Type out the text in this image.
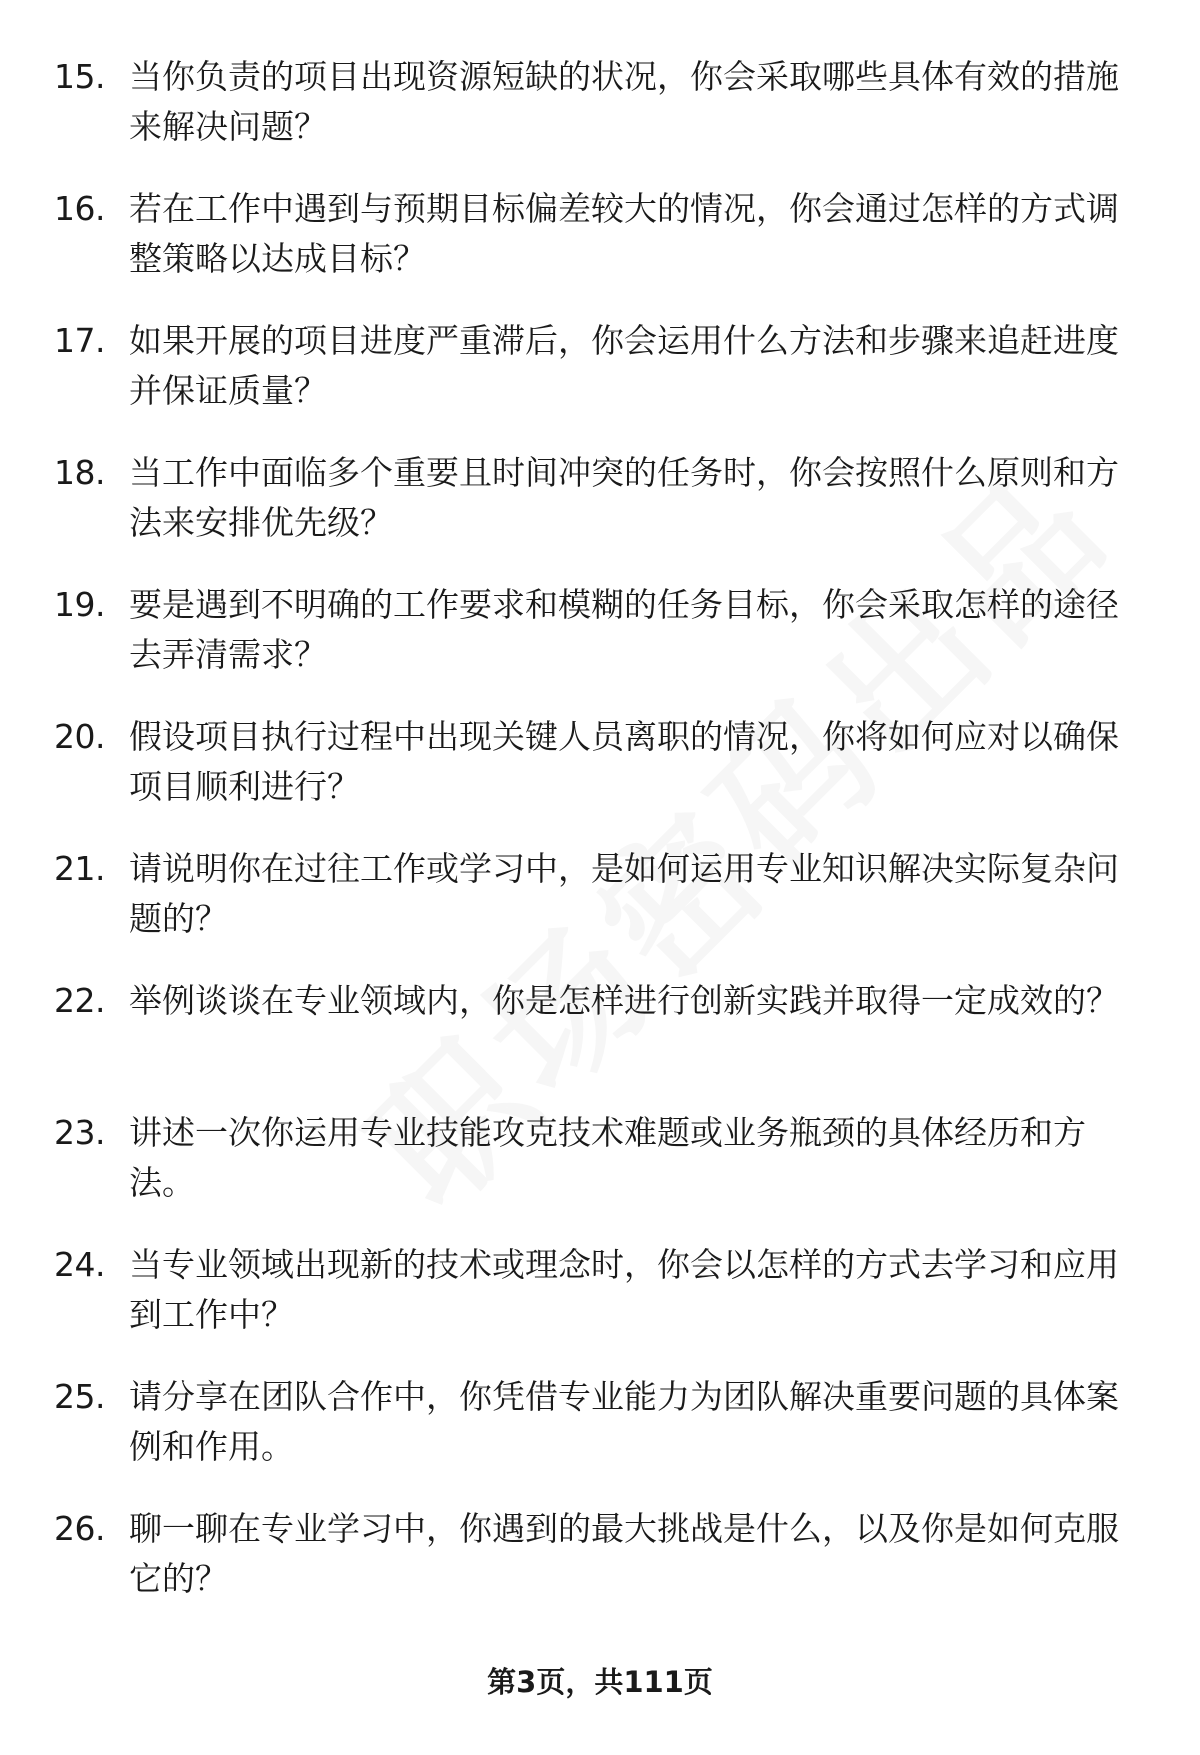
15. 当你负责的项目出现资源短缺的状况，你会采取哪些具体有效的措施来解决问题？
16. 若在工作中遇到与预期目标偏差较大的情况，你会通过怎样的方式调整策略以达成目标？
17. 如果开展的项目进度严重滞后，你会运用什么方法和步骤来追赶进度并保证质量？
18. 当工作中面临多个重要且时间冲突的任务时，你会按照什么原则和方法来安排优先级？
19. 要是遇到不明确的工作要求和模糊的任务目标，你会采取怎样的途径去弄清需求？
20. 假设项目执行过程中出现关键人员离职的情况，你将如何应对以确保项目顺利进行？
21. 请说明你在过往工作或学习中，是如何运用专业知识解决实际复杂问题的？
22. 举例谈谈在专业领域内，你是怎样进行创新实践并取得一定成效的？
23. 讲述一次你运用专业技能攻克技术难题或业务瓶颈的具体经历和方法。
24. 当专业领域出现新的技术或理念时，你会以怎样的方式去学习和应用到工作中？
25. 请分享在团队合作中，你凭借专业能力为团队解决重要问题的具体案例和作用。
26. 聊一聊在专业学习中，你遇到的最大挑战是什么，以及你是如何克服它的？
第3页，共111页
